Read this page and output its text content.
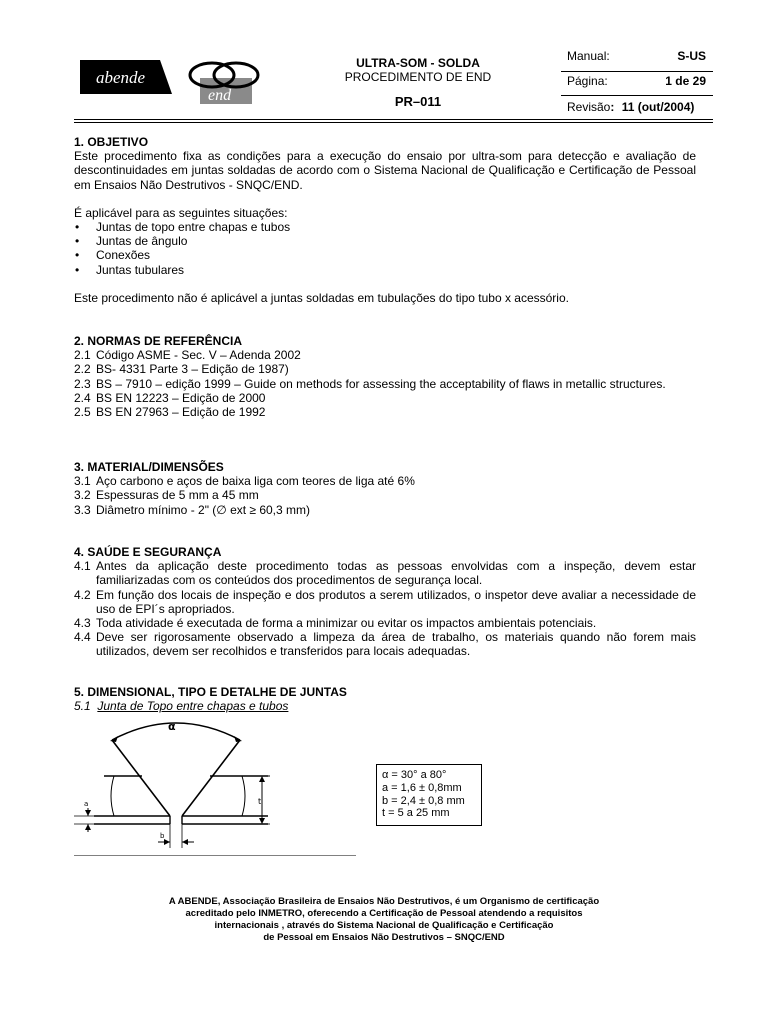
abende
end
ULTRA-SOM - SOLDA
PROCEDIMENTO DE END
PR–011
Manual:	S-US
Página:	1 de 29
Revisão: 11 (out/2004)
1. OBJETIVO
Este procedimento fixa as condições para a execução do ensaio por ultra-som para detecção e avaliação de descontinuidades em juntas soldadas de acordo com o Sistema Nacional de Qualificação e Certificação de Pessoal em Ensaios Não Destrutivos - SNQC/END.
É aplicável para as seguintes situações:
• Juntas de topo entre chapas e tubos
• Juntas de ângulo
• Conexões
• Juntas tubulares
Este procedimento não é aplicável a juntas soldadas em tubulações do tipo tubo x acessório.
2. NORMAS DE REFERÊNCIA
2.1 Código ASME - Sec. V – Adenda 2002
2.2 BS- 4331 Parte 3 – Edição de 1987)
2.3 BS – 7910 – edição 1999 – Guide on methods for assessing the acceptability of flaws in metallic structures.
2.4 BS EN 12223 – Edição de 2000
2.5 BS EN 27963 – Edição de 1992
3. MATERIAL/DIMENSÕES
3.1 Aço carbono e aços de baixa liga com teores de liga até 6%
3.2 Espessuras de 5 mm a 45 mm
3.3 Diâmetro mínimo - 2" (∅ ext ≥ 60,3 mm)
4. SAÚDE E SEGURANÇA
4.1 Antes da aplicação deste procedimento todas as pessoas envolvidas com a inspeção, devem estar familiarizadas com os conteúdos dos procedimentos de segurança local.
4.2 Em função dos locais de inspeção e dos produtos a serem utilizados, o inspetor deve avaliar a necessidade de uso de EPI´s apropriados.
4.3 Toda atividade é executada de forma a minimizar ou evitar os impactos ambientais potenciais.
4.4 Deve ser rigorosamente observado a limpeza da área de trabalho, os materiais quando não forem mais utilizados, devem ser recolhidos e transferidos para locais adequadas.
5. DIMENSIONAL, TIPO E DETALHE DE JUNTAS
5.1 Junta de Topo entre chapas e tubos
α
t
a
b
α = 30° a 80°
a = 1,6 ± 0,8mm
b = 2,4 ± 0,8 mm
t = 5 a 25 mm
A ABENDE, Associação Brasileira de Ensaios Não Destrutivos, é um Organismo de certificação
acreditado pelo INMETRO, oferecendo a Certificação de Pessoal atendendo a requisitos
internacionais , através do Sistema Nacional de Qualificação e Certificação
de Pessoal em Ensaios Não Destrutivos – SNQC/END
